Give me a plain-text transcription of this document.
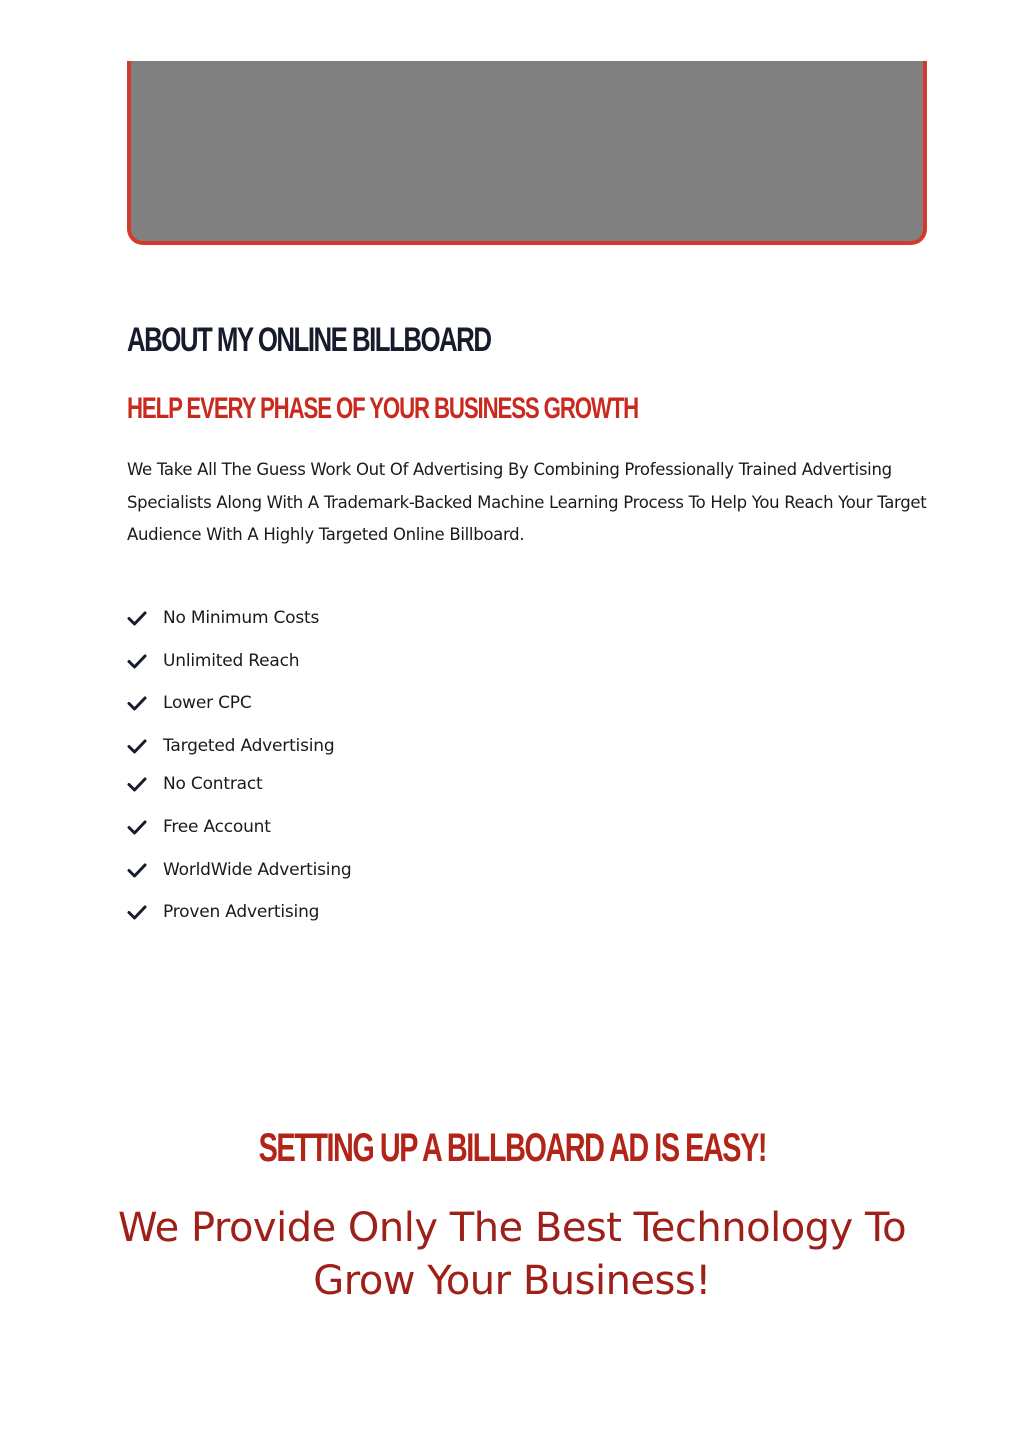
ABOUT MY ONLINE BILLBOARD
HELP EVERY PHASE OF YOUR BUSINESS GROWTH

We Take All The Guess Work Out Of Advertising By Combining Professionally Trained Advertising Specialists Along With A Trademark-Backed Machine Learning Process To Help You Reach Your Target Audience With A Highly Targeted Online Billboard.

No Minimum Costs
Unlimited Reach
Lower CPC
Targeted Advertising
No Contract
Free Account
WorldWide Advertising
Proven Advertising
SETTING UP A BILLBOARD AD IS EASY!

We Provide Only The Best Technology To Grow Your Business!
